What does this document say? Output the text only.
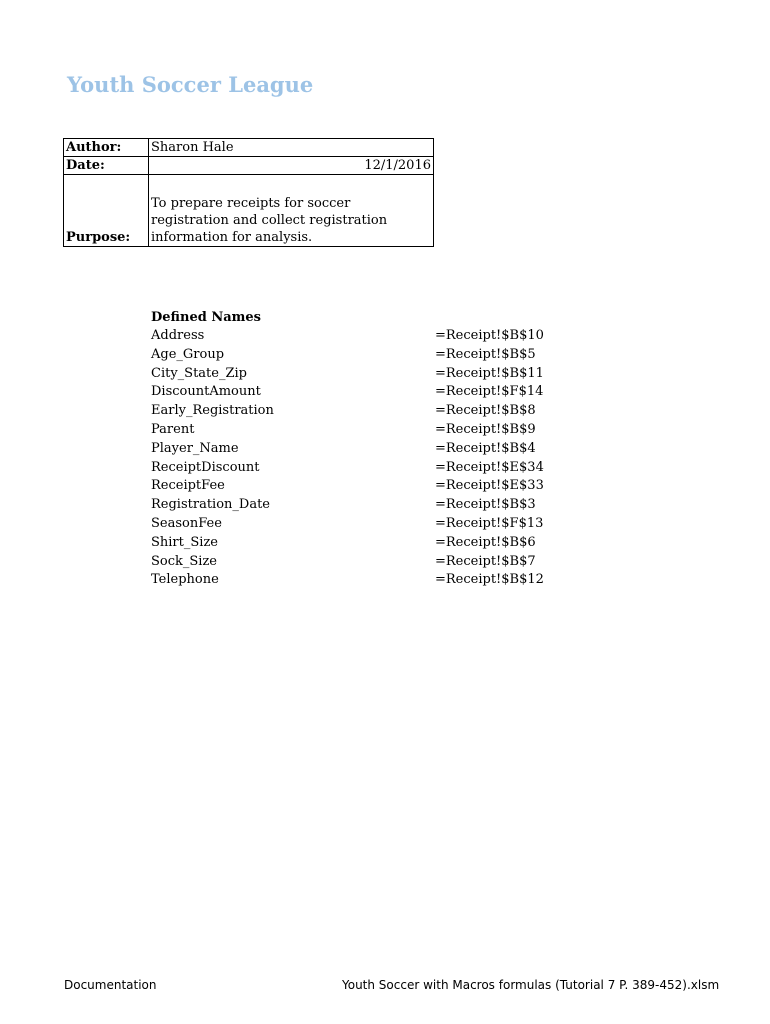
Youth Soccer League
Author:	Sharon Hale
Date:	12/1/2016
Purpose:	To prepare receipts for soccer registration and collect registration information for analysis.
Defined Names
Address	=Receipt!$B$10
Age_Group	=Receipt!$B$5
City_State_Zip	=Receipt!$B$11
DiscountAmount	=Receipt!$F$14
Early_Registration	=Receipt!$B$8
Parent	=Receipt!$B$9
Player_Name	=Receipt!$B$4
ReceiptDiscount	=Receipt!$E$34
ReceiptFee	=Receipt!$E$33
Registration_Date	=Receipt!$B$3
SeasonFee	=Receipt!$F$13
Shirt_Size	=Receipt!$B$6
Sock_Size	=Receipt!$B$7
Telephone	=Receipt!$B$12
Documentation	Youth Soccer with Macros formulas (Tutorial 7 P. 389-452).xlsm
